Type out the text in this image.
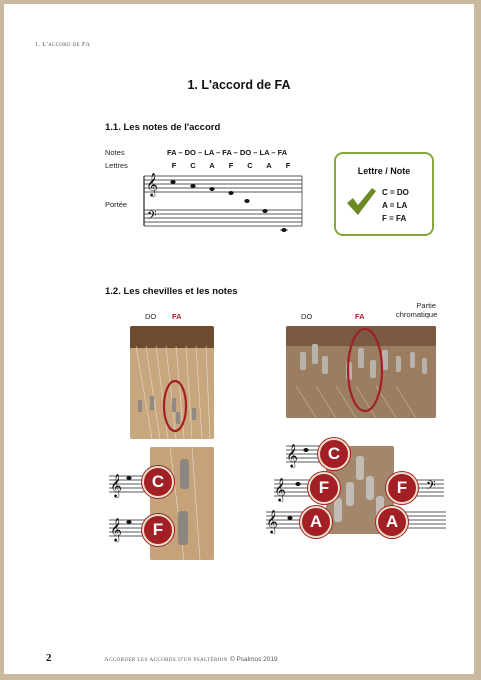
1. L'accord de FA
1. L'accord de FA
1.1. Les notes de l'accord
Notes	FA – DO – LA – FA – DO – LA – FA
Lettres	F	C	A	F	C	A	F
Portée
𝄞
𝄢
Lettre / Note
C = DO
A = LA
F = FA
1.2. Les chevilles et les notes
DO FA	DO	FA
Partie
chromatique
𝄞
𝄞
C
F
𝄞
𝄞
𝄞
𝄢
C
F	F
A	A
2	Accorder les accords d'un psaltérion © Psalmos 2019
